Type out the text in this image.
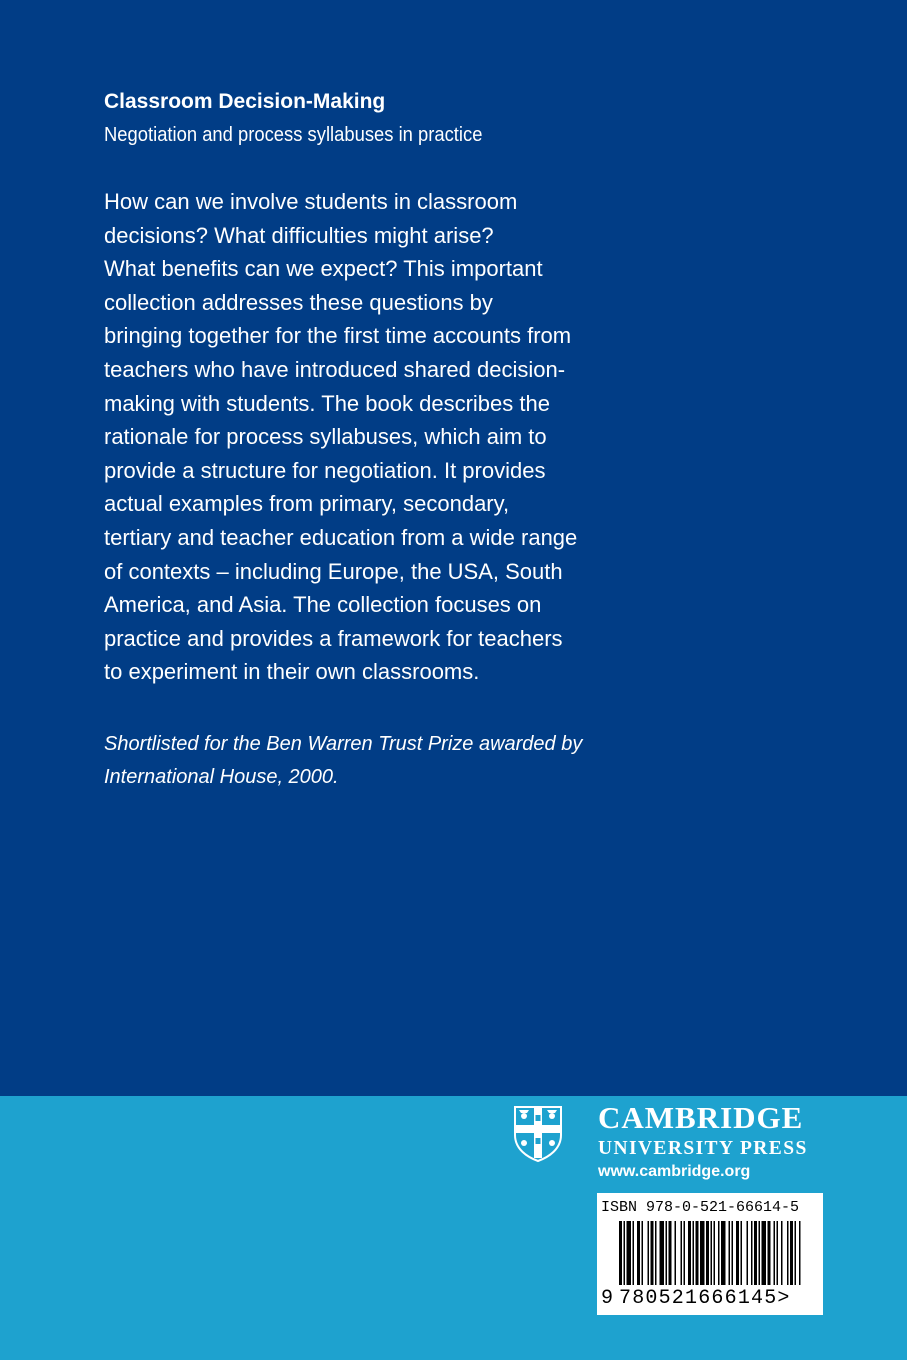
Classroom Decision-Making
Negotiation and process syllabuses in practice
How can we involve students in classroom
decisions? What difficulties might arise?
What benefits can we expect? This important
collection addresses these questions by
bringing together for the first time accounts from
teachers who have introduced shared decision-
making with students. The book describes the
rationale for process syllabuses, which aim to
provide a structure for negotiation. It provides
actual examples from primary, secondary,
tertiary and teacher education from a wide range
of contexts – including Europe, the USA, South
America, and Asia. The collection focuses on
practice and provides a framework for teachers
to experiment in their own classrooms.
Shortlisted for the Ben Warren Trust Prize awarded by
International House, 2000.
CAMBRIDGE
UNIVERSITY PRESS
www.cambridge.org
ISBN 978-0-521-66614-5
9 780521666145>
